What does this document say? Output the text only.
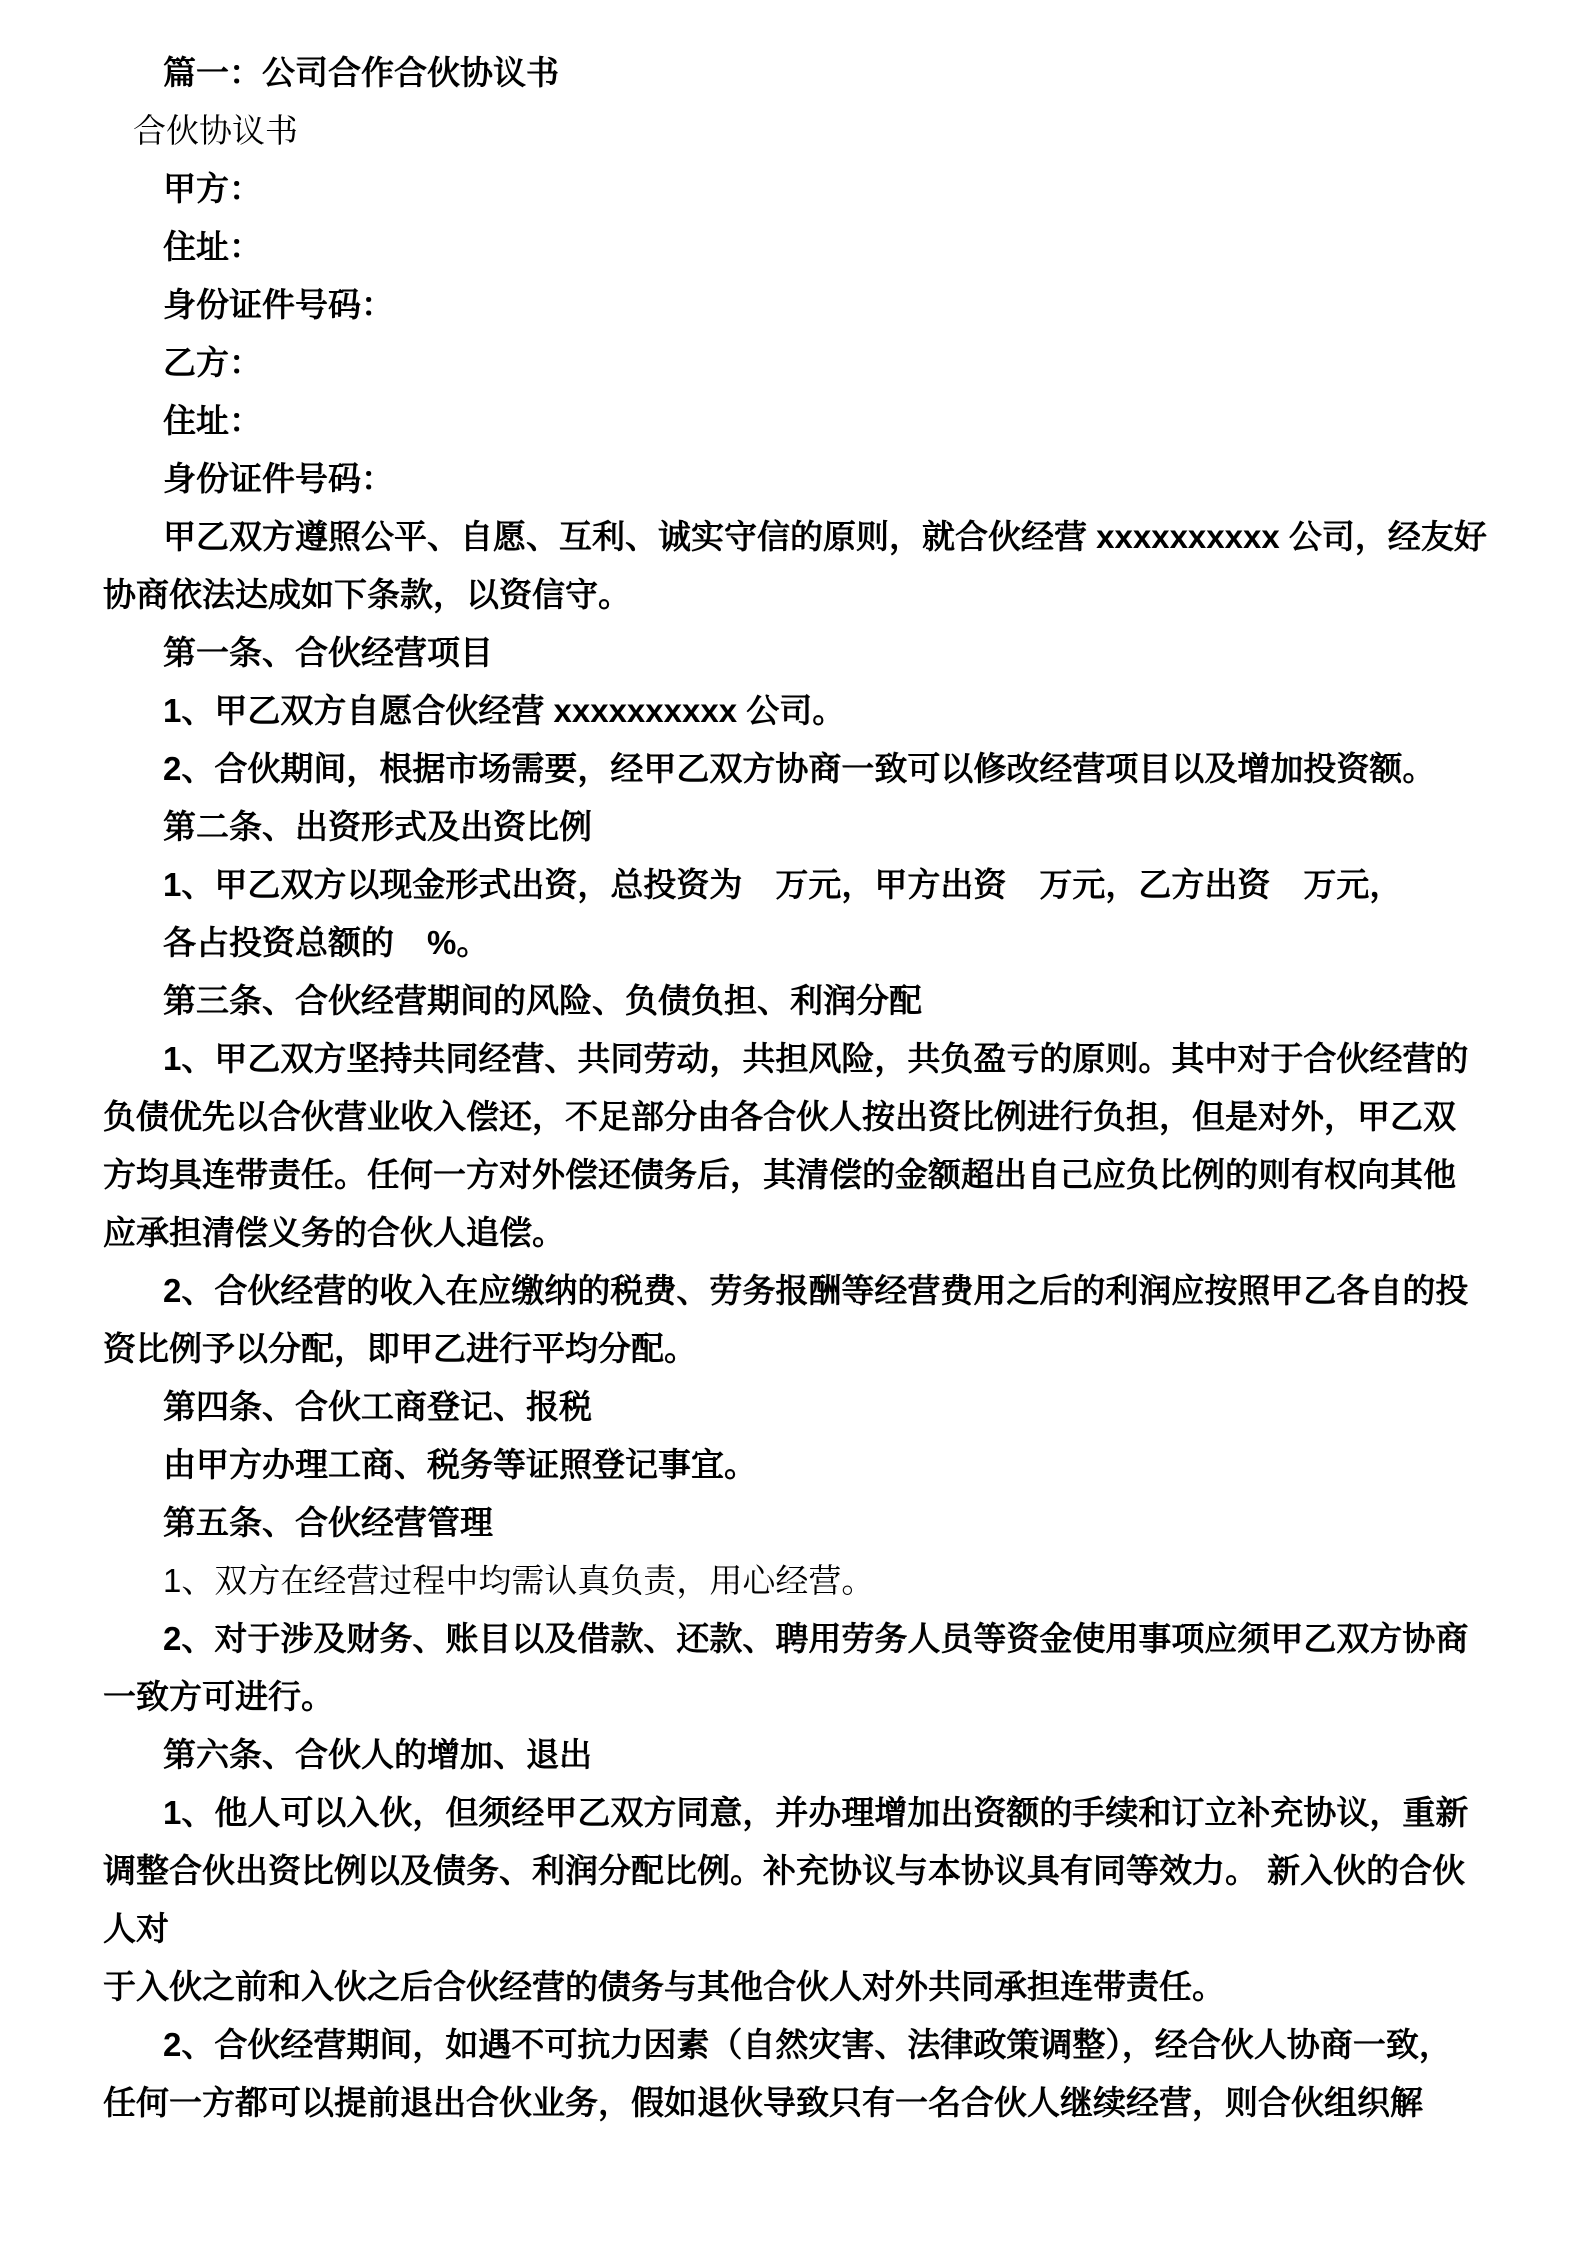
篇一：公司合作合伙协议书
合伙协议书
甲方：
住址：
身份证件号码：
乙方：
住址：
身份证件号码：
甲乙双方遵照公平、自愿、互利、诚实守信的原则，就合伙经营 xxxxxxxxxx 公司，经友好
协商依法达成如下条款，以资信守。
第一条、合伙经营项目
1、甲乙双方自愿合伙经营 xxxxxxxxxx 公司。
2、合伙期间，根据市场需要，经甲乙双方协商一致可以修改经营项目以及增加投资额。
第二条、出资形式及出资比例
1、甲乙双方以现金形式出资，总投资为　万元，甲方出资　万元，乙方出资　万元，
各占投资总额的　%。
第三条、合伙经营期间的风险、负债负担、利润分配
1、甲乙双方坚持共同经营、共同劳动，共担风险，共负盈亏的原则。其中对于合伙经营的
负债优先以合伙营业收入偿还，不足部分由各合伙人按出资比例进行负担，但是对外，甲乙双
方均具连带责任。任何一方对外偿还债务后，其清偿的金额超出自己应负比例的则有权向其他
应承担清偿义务的合伙人追偿。
2、合伙经营的收入在应缴纳的税费、劳务报酬等经营费用之后的利润应按照甲乙各自的投
资比例予以分配，即甲乙进行平均分配。
第四条、合伙工商登记、报税
由甲方办理工商、税务等证照登记事宜。
第五条、合伙经营管理
1、双方在经营过程中均需认真负责，用心经营。
2、对于涉及财务、账目以及借款、还款、聘用劳务人员等资金使用事项应须甲乙双方协商
一致方可进行。
第六条、合伙人的增加、退出
1、他人可以入伙，但须经甲乙双方同意，并办理增加出资额的手续和订立补充协议，重新
调整合伙出资比例以及债务、利润分配比例。补充协议与本协议具有同等效力。 新入伙的合伙
人对
于入伙之前和入伙之后合伙经营的债务与其他合伙人对外共同承担连带责任。
2、合伙经营期间，如遇不可抗力因素（自然灾害、法律政策调整），经合伙人协商一致，
任何一方都可以提前退出合伙业务，假如退伙导致只有一名合伙人继续经营，则合伙组织解
